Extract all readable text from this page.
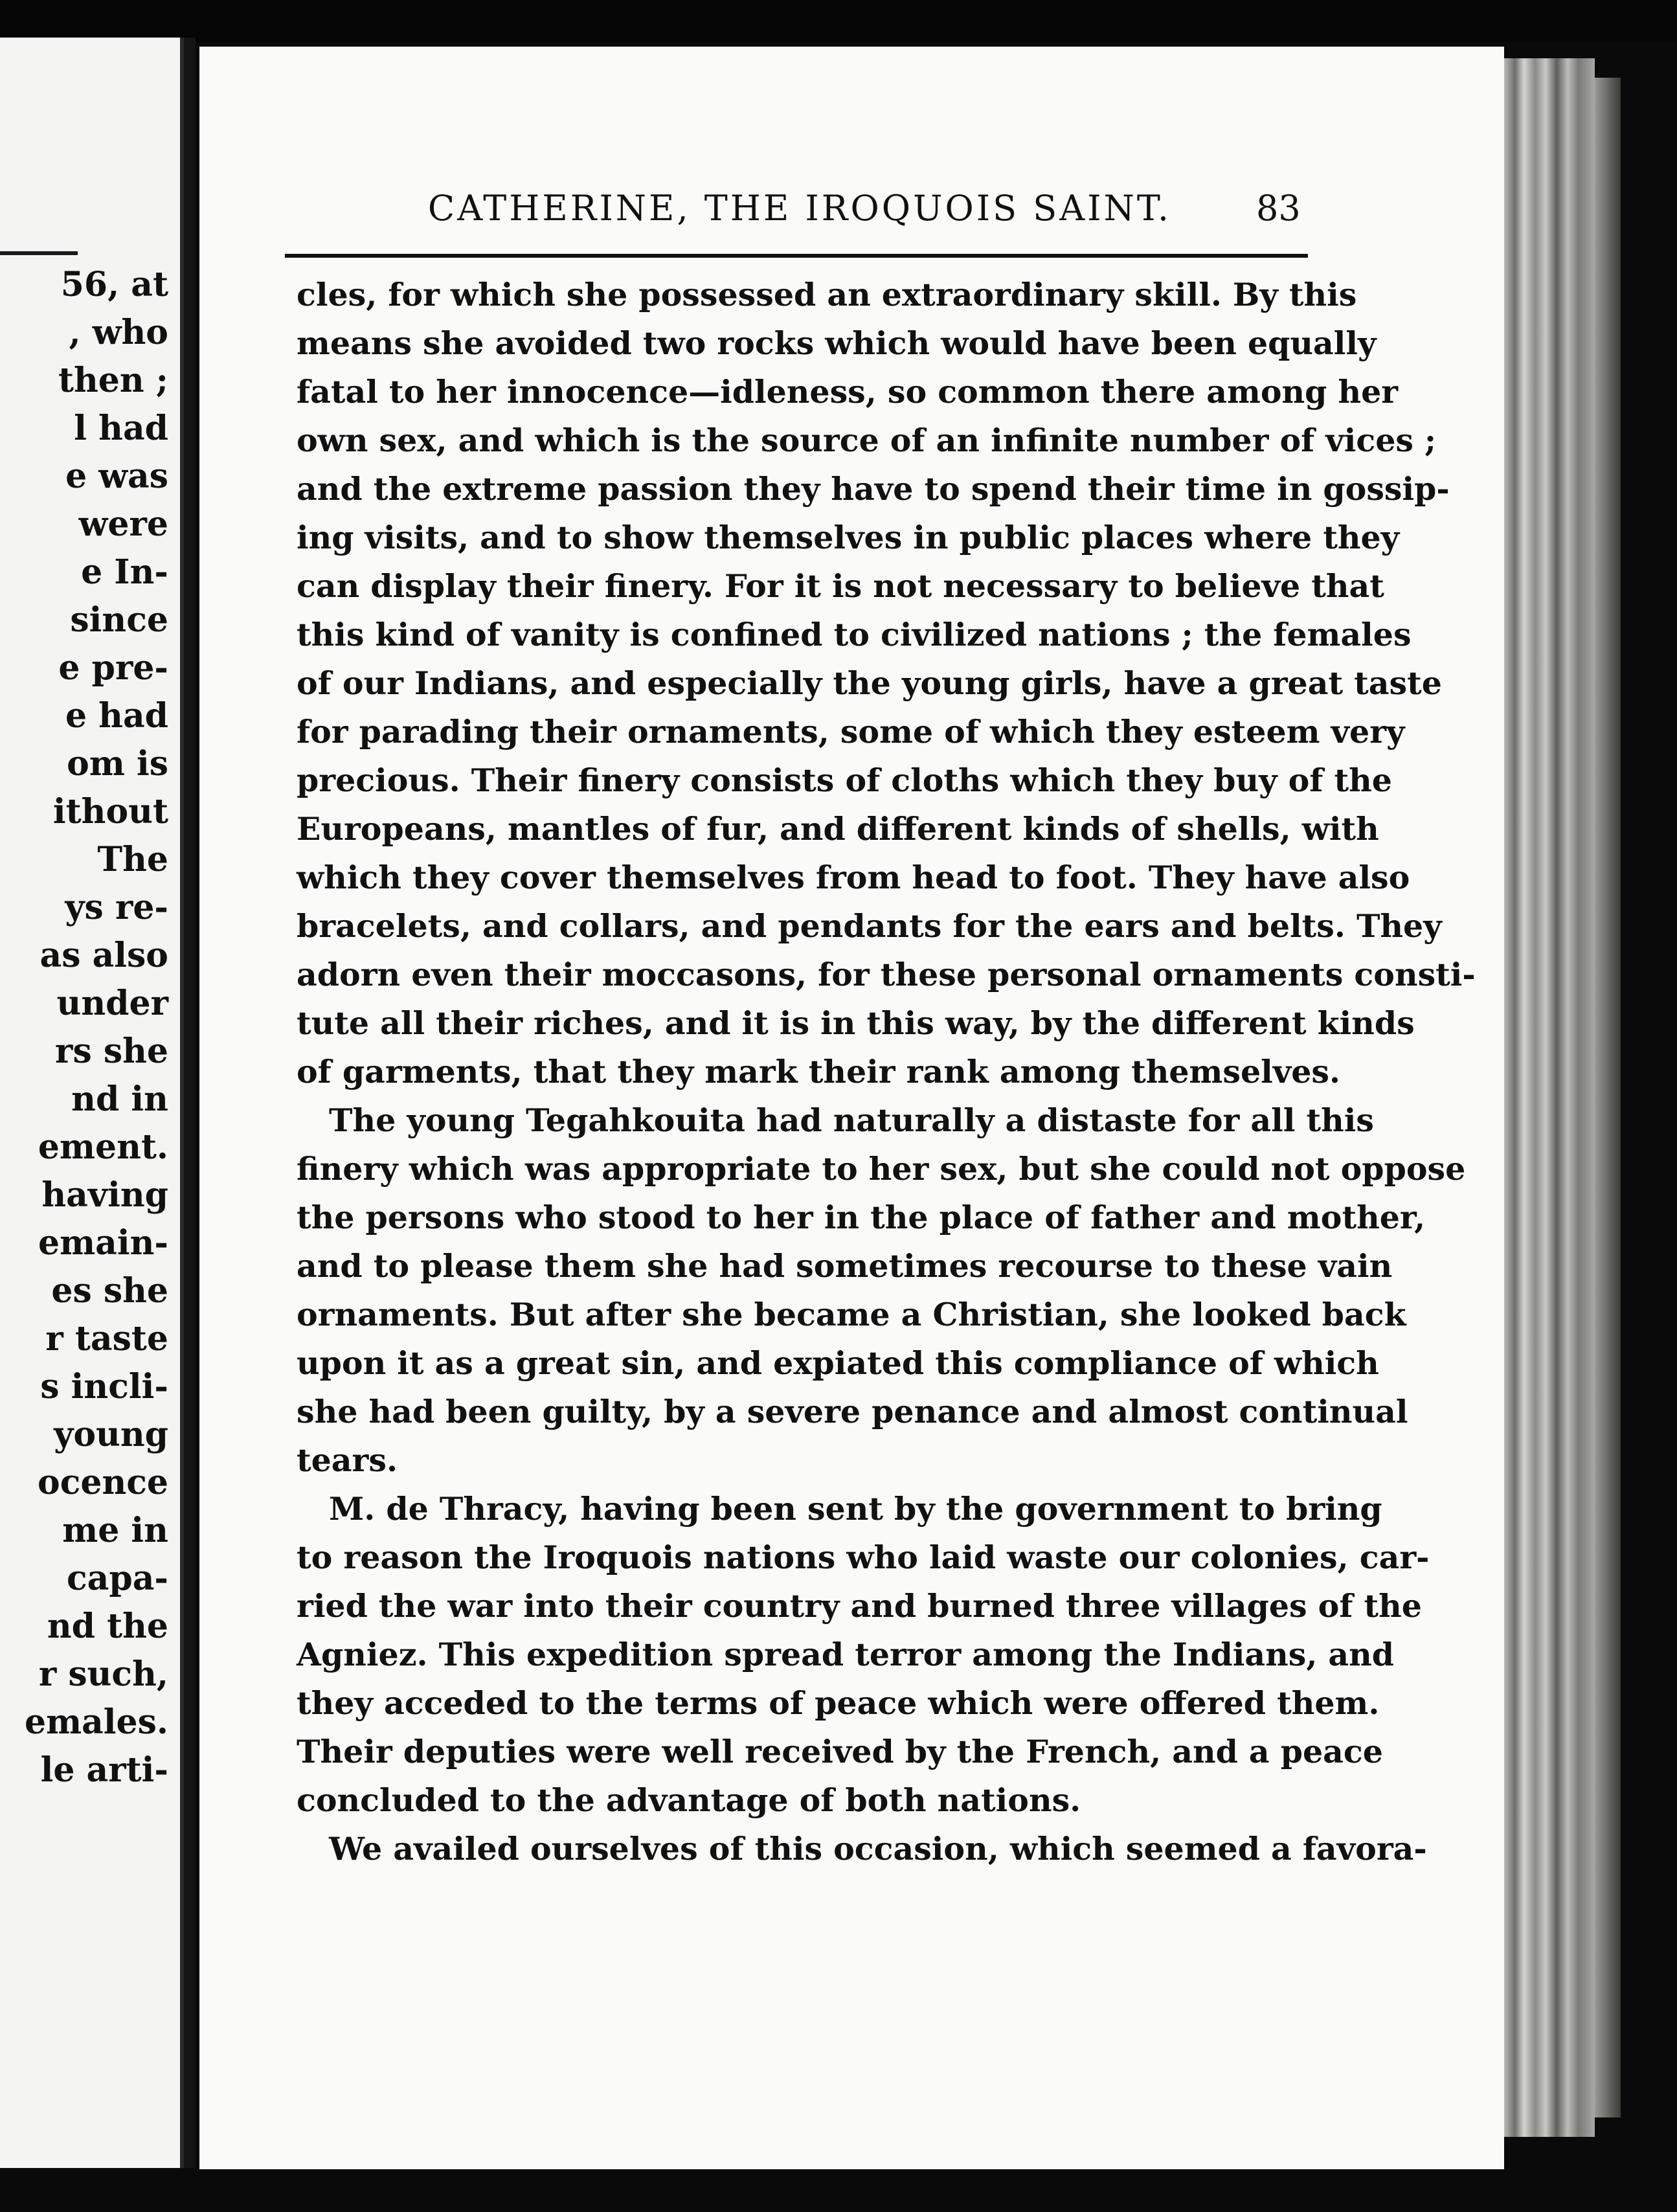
56, at
, who
then ;
l had
e was
were
e In-
since
e pre-
e had
om is
ithout
The
ys re-
as also
under
rs she
nd in
ement.
having
emain-
es she
r taste
s incli-
young
ocence
me in
capa-
nd the
r such,
emales.
le arti-
CATHERINE, THE IROQUOIS SAINT.	83
cles, for which she possessed an extraordinary skill. By this
means she avoided two rocks which would have been equally
fatal to her innocence—idleness, so common there among her
own sex, and which is the source of an infinite number of vices ;
and the extreme passion they have to spend their time in gossip-
ing visits, and to show themselves in public places where they
can display their finery. For it is not necessary to believe that
this kind of vanity is confined to civilized nations ; the females
of our Indians, and especially the young girls, have a great taste
for parading their ornaments, some of which they esteem very
precious. Their finery consists of cloths which they buy of the
Europeans, mantles of fur, and different kinds of shells, with
which they cover themselves from head to foot. They have also
bracelets, and collars, and pendants for the ears and belts. They
adorn even their moccasons, for these personal ornaments consti-
tute all their riches, and it is in this way, by the different kinds
of garments, that they mark their rank among themselves.
The young Tegahkouita had naturally a distaste for all this
finery which was appropriate to her sex, but she could not oppose
the persons who stood to her in the place of father and mother,
and to please them she had sometimes recourse to these vain
ornaments. But after she became a Christian, she looked back
upon it as a great sin, and expiated this compliance of which
she had been guilty, by a severe penance and almost continual
tears.
M. de Thracy, having been sent by the government to bring
to reason the Iroquois nations who laid waste our colonies, car-
ried the war into their country and burned three villages of the
Agniez. This expedition spread terror among the Indians, and
they acceded to the terms of peace which were offered them.
Their deputies were well received by the French, and a peace
concluded to the advantage of both nations.
We availed ourselves of this occasion, which seemed a favora-
